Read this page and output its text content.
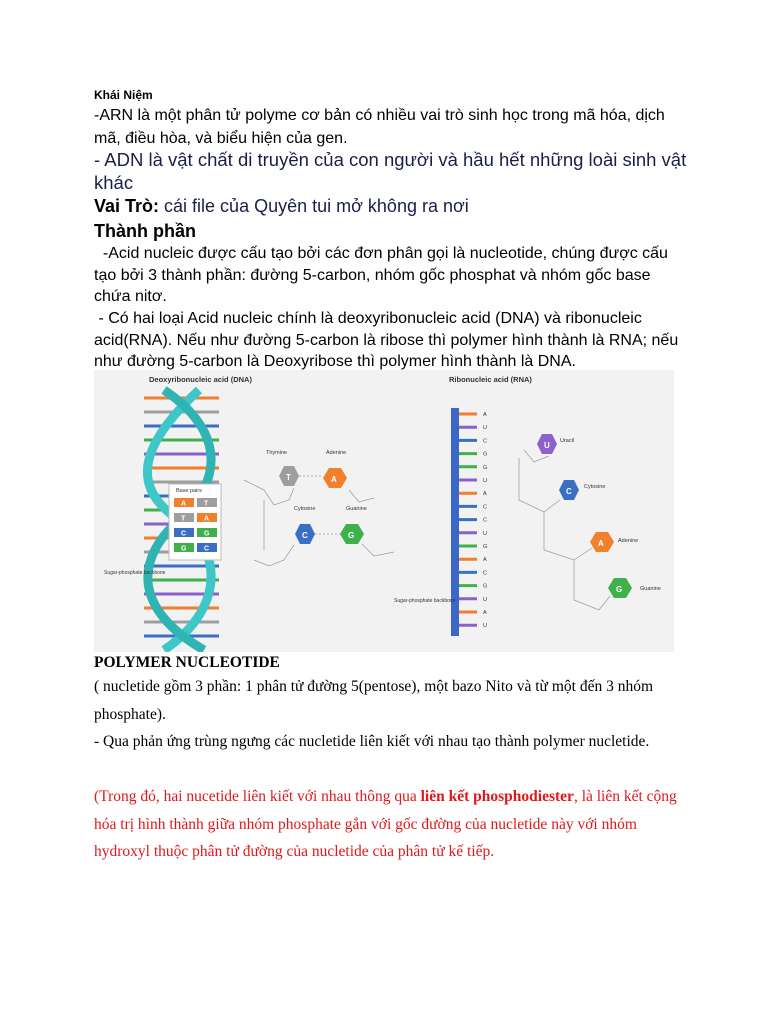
Khái Niệm
-ARN là một phân tử polyme cơ bản có nhiều vai trò sinh học trong mã hóa, dịch mã, điều hòa, và biểu hiện của gen.
- ADN là vật chất di truyền của con người và hầu hết những loài sinh vật khác
Vai Trò: cái file của Quyên tui mở không ra nơi
Thành phần
-Acid nucleic được cấu tạo bởi các đơn phân gọi là nucleotide, chúng được cấu tạo bởi 3 thành phần: đường 5-carbon, nhóm gốc phosphat và nhóm gốc base chứa nitơ.
- Có hai loại Acid nucleic chính là deoxyribonucleic acid (DNA) và ribonucleic acid(RNA). Nếu như đường 5-carbon là ribose thì polymer hình thành là RNA; nếu như đường 5-carbon là Deoxyribose thì polymer hình thành là DNA.
Deoxyribonucleic acid (DNA)	Ribonucleic acid (RNA)
Base pairs
A	T
T	A
C	G
G	C
Sugar-phosphate backbone
Thymine	Adenine
T	A
Cytosine	Guanine
C	G
A
U
C
G
G
U
A
C
C
U
G
A
C
G
U
A
U
Sugar-phosphate backbone
U Uracil
C Cytosine
A	Adenine
G	Guanine
POLYMER NUCLEOTIDE
( nucletide gồm 3 phần: 1 phân tử đường 5(pentose), một bazo Nito và từ một đến 3 nhóm phosphate).
- Qua phản ứng trùng ngưng các nucletide liên kiết với nhau tạo thành polymer nucletide.
(Trong đó, hai nucetide liên kiết với nhau thông qua liên kết phosphodiester, là liên kết cộng hóa trị hình thành giữa nhóm phosphate gắn với gốc đường của nucletide này với nhóm hydroxyl thuộc phân tử đường của nucletide của phân tử kế tiếp.
